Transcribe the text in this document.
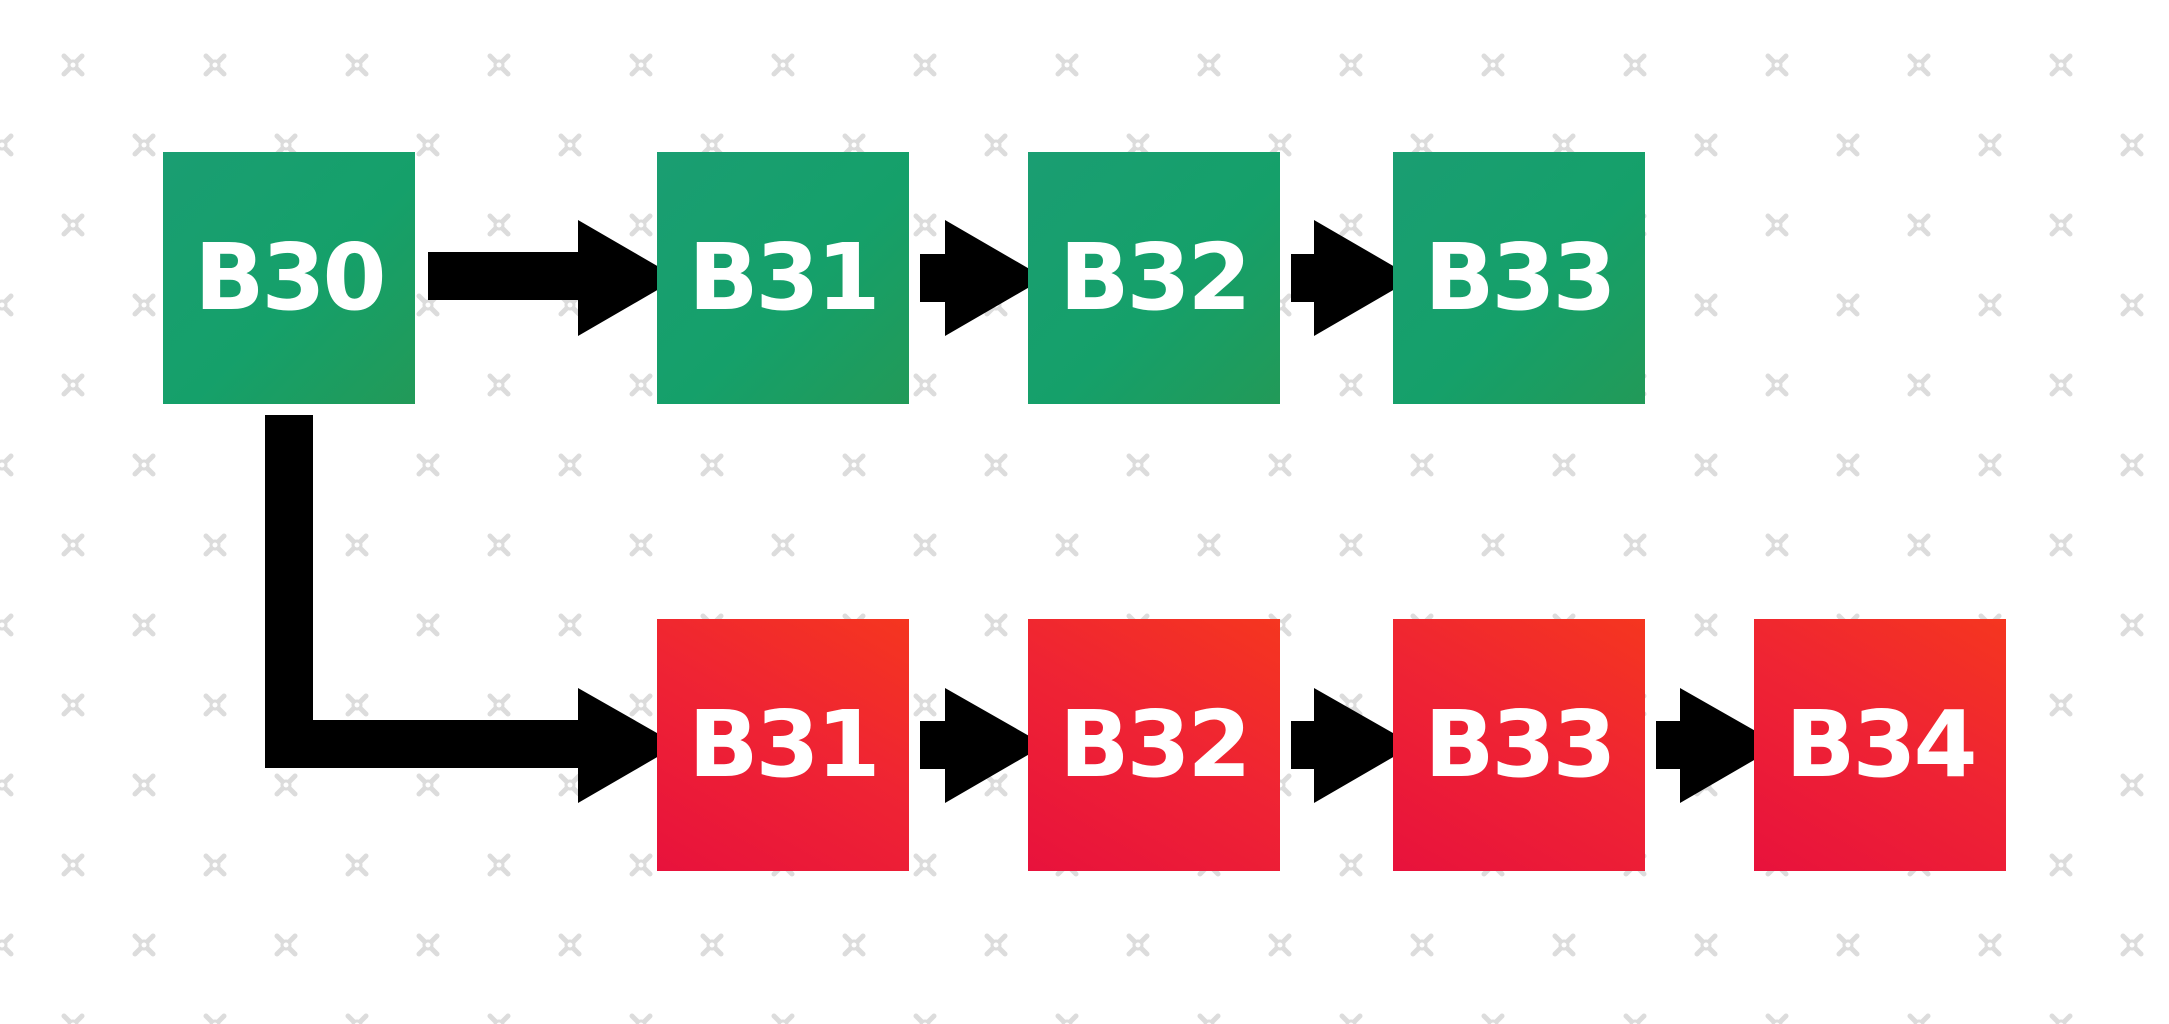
B30	B31 B32 B33
B31 B32 B33 B34
